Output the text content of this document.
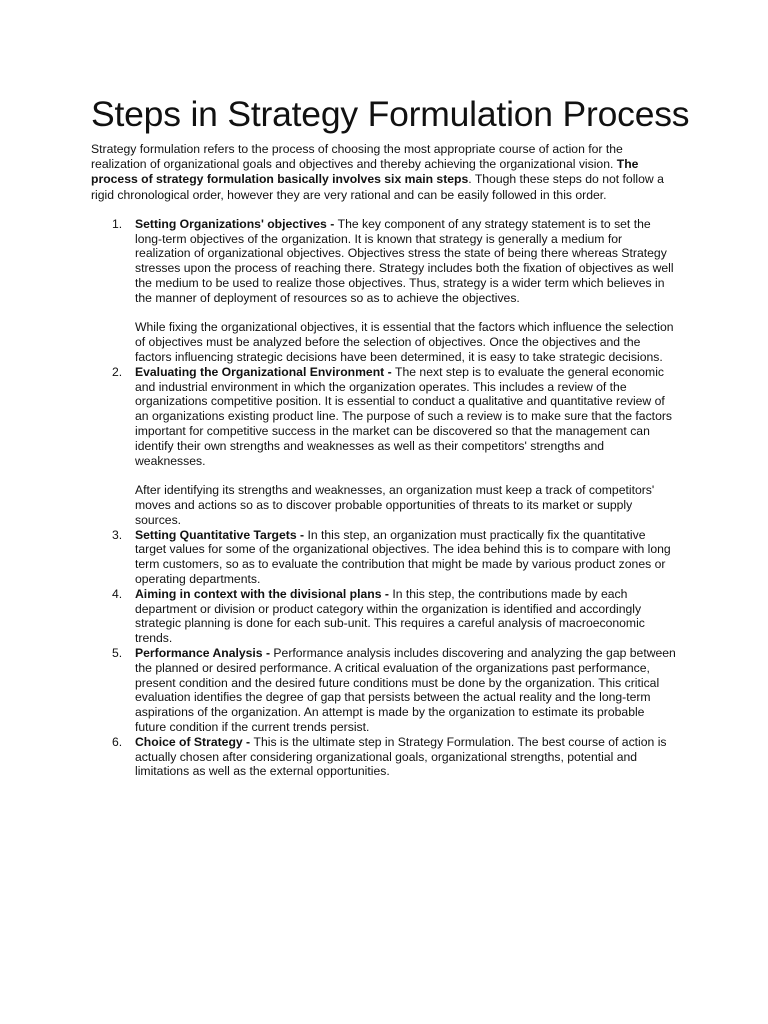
Steps in Strategy Formulation Process

Strategy formulation refers to the process of choosing the most appropriate course of action for the realization of organizational goals and objectives and thereby achieving the organizational vision. The process of strategy formulation basically involves six main steps. Though these steps do not follow a rigid chronological order, however they are very rational and can be easily followed in this order.

1. Setting Organizations' objectives - The key component of any strategy statement is to set the long-term objectives of the organization. It is known that strategy is generally a medium for realization of organizational objectives. Objectives stress the state of being there whereas Strategy stresses upon the process of reaching there. Strategy includes both the fixation of objectives as well the medium to be used to realize those objectives. Thus, strategy is a wider term which believes in the manner of deployment of resources so as to achieve the objectives.

While fixing the organizational objectives, it is essential that the factors which influence the selection of objectives must be analyzed before the selection of objectives. Once the objectives and the factors influencing strategic decisions have been determined, it is easy to take strategic decisions.

2. Evaluating the Organizational Environment - The next step is to evaluate the general economic and industrial environment in which the organization operates. This includes a review of the organizations competitive position. It is essential to conduct a qualitative and quantitative review of an organizations existing product line. The purpose of such a review is to make sure that the factors important for competitive success in the market can be discovered so that the management can identify their own strengths and weaknesses as well as their competitors' strengths and weaknesses.

After identifying its strengths and weaknesses, an organization must keep a track of competitors' moves and actions so as to discover probable opportunities of threats to its market or supply sources.

3. Setting Quantitative Targets - In this step, an organization must practically fix the quantitative target values for some of the organizational objectives. The idea behind this is to compare with long term customers, so as to evaluate the contribution that might be made by various product zones or operating departments.

4. Aiming in context with the divisional plans - In this step, the contributions made by each department or division or product category within the organization is identified and accordingly strategic planning is done for each sub-unit. This requires a careful analysis of macroeconomic trends.

5. Performance Analysis - Performance analysis includes discovering and analyzing the gap between the planned or desired performance. A critical evaluation of the organizations past performance, present condition and the desired future conditions must be done by the organization. This critical evaluation identifies the degree of gap that persists between the actual reality and the long-term aspirations of the organization. An attempt is made by the organization to estimate its probable future condition if the current trends persist.

6. Choice of Strategy - This is the ultimate step in Strategy Formulation. The best course of action is actually chosen after considering organizational goals, organizational strengths, potential and limitations as well as the external opportunities.
